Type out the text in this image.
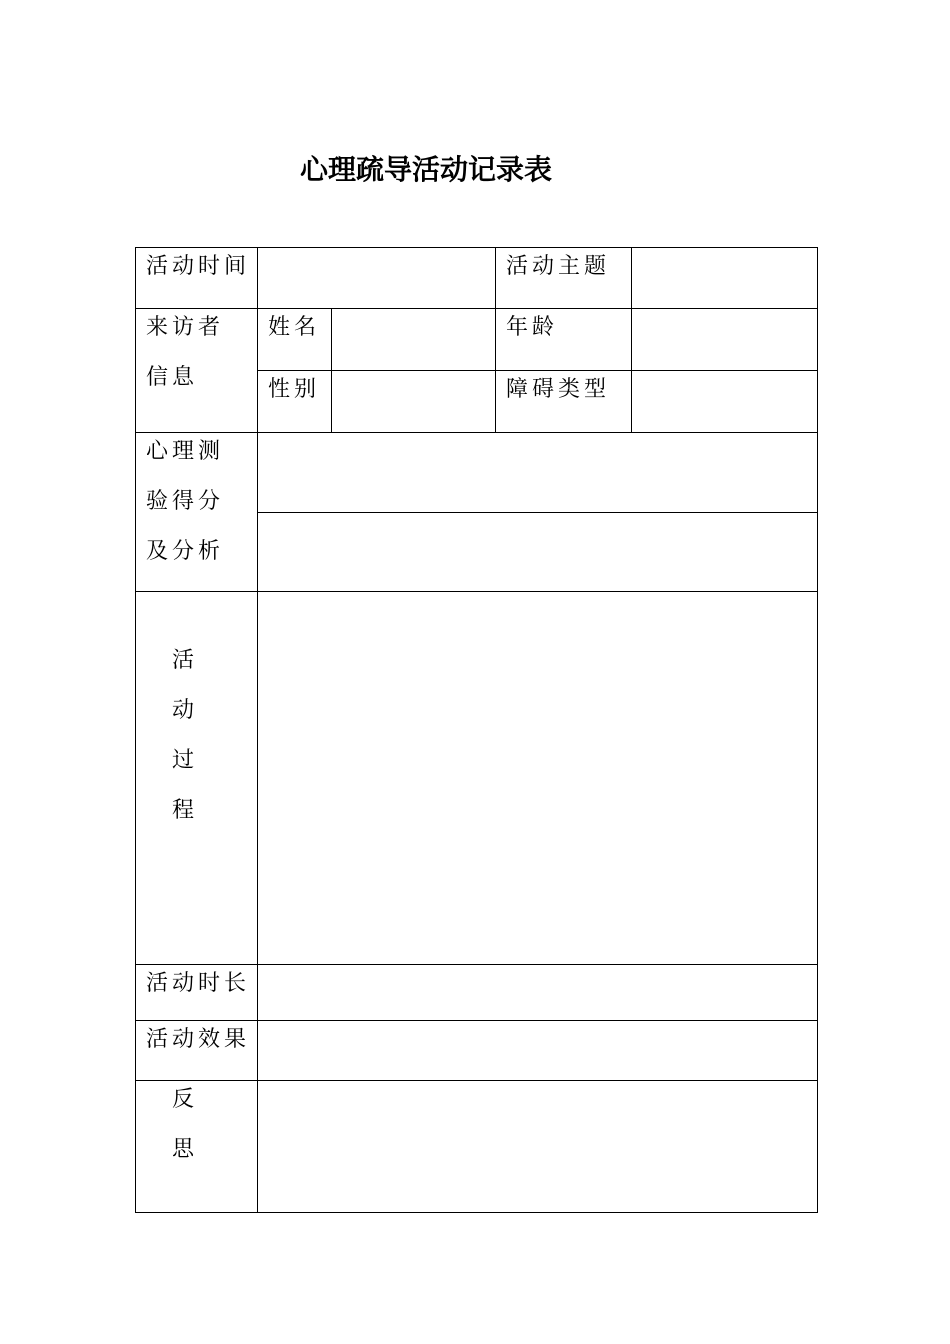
心理疏导活动记录表
活动时间			活动主题	

来访者信息	姓名		年龄	

	性别		障碍类型	

心理测验得分及分析				

活动过程				

活动时长				

活动效果				

反思				
